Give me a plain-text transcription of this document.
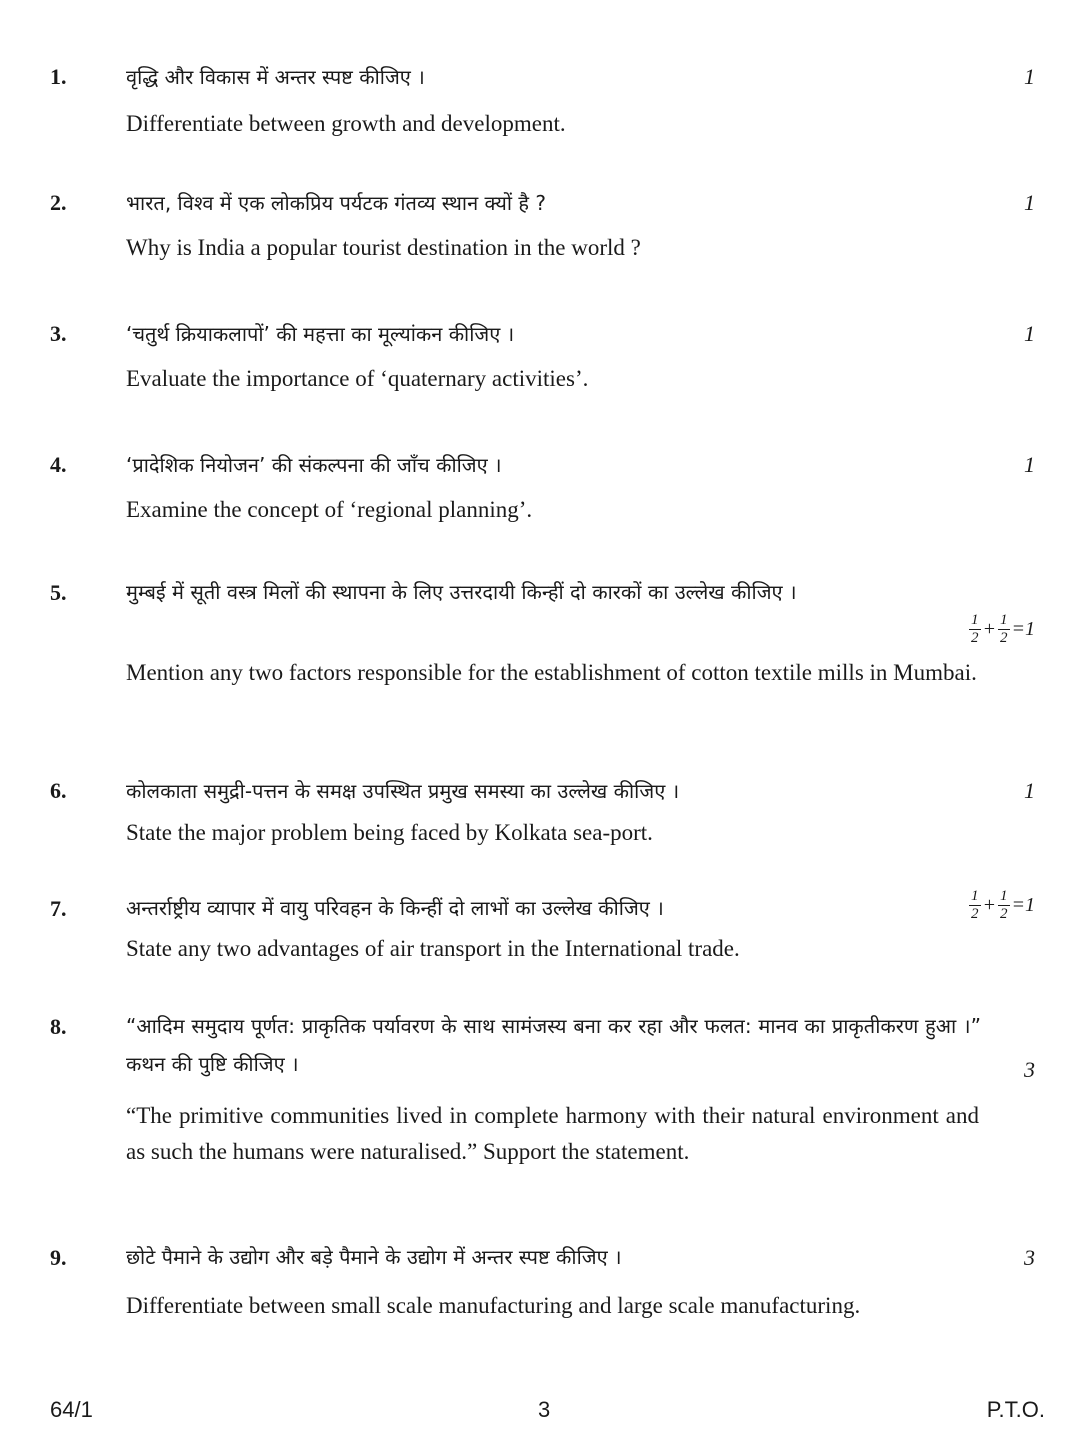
1.	वृद्धि और विकास में अन्तर स्पष्ट कीजिए ।	1
Differentiate between growth and development.
2.	भारत, विश्व में एक लोकप्रिय पर्यटक गंतव्य स्थान क्यों है ?	1
Why is India a popular tourist destination in the world ?
3.	‘चतुर्थ क्रियाकलापों’ की महत्ता का मूल्यांकन कीजिए ।	1
Evaluate the importance of ‘quaternary activities’.
4.	‘प्रादेशिक नियोजन’ की संकल्पना की जाँच कीजिए ।	1
Examine the concept of ‘regional planning’.
5.	मुम्बई में सूती वस्त्र मिलों की स्थापना के लिए उत्तरदायी किन्हीं दो कारकों का उल्लेख कीजिए ।
$\frac{1}{2} + \frac{1}{2} =1$
Mention any two factors responsible for the establishment of cotton textile mills in Mumbai.
6.	कोलकाता समुद्री-पत्तन के समक्ष उपस्थित प्रमुख समस्या का उल्लेख कीजिए ।	1
State the major problem being faced by Kolkata sea-port.
7.	अन्तर्राष्ट्रीय व्यापार में वायु परिवहन के किन्हीं दो लाभों का उल्लेख कीजिए ।	$\frac{1}{2} + \frac{1}{2} =1$
State any two advantages of air transport in the International trade.
8.	“आदिम समुदाय पूर्णत: प्राकृतिक पर्यावरण के साथ सामंजस्य बना कर रहा और फलत: मानव का प्राकृतीकरण हुआ ।” कथन की पुष्टि कीजिए ।	3
“The primitive communities lived in complete harmony with their natural environment and as such the humans were naturalised.” Support the statement.
9.	छोटे पैमाने के उद्योग और बड़े पैमाने के उद्योग में अन्तर स्पष्ट कीजिए ।	3
Differentiate between small scale manufacturing and large scale manufacturing.
64/1	3	P.T.O.
